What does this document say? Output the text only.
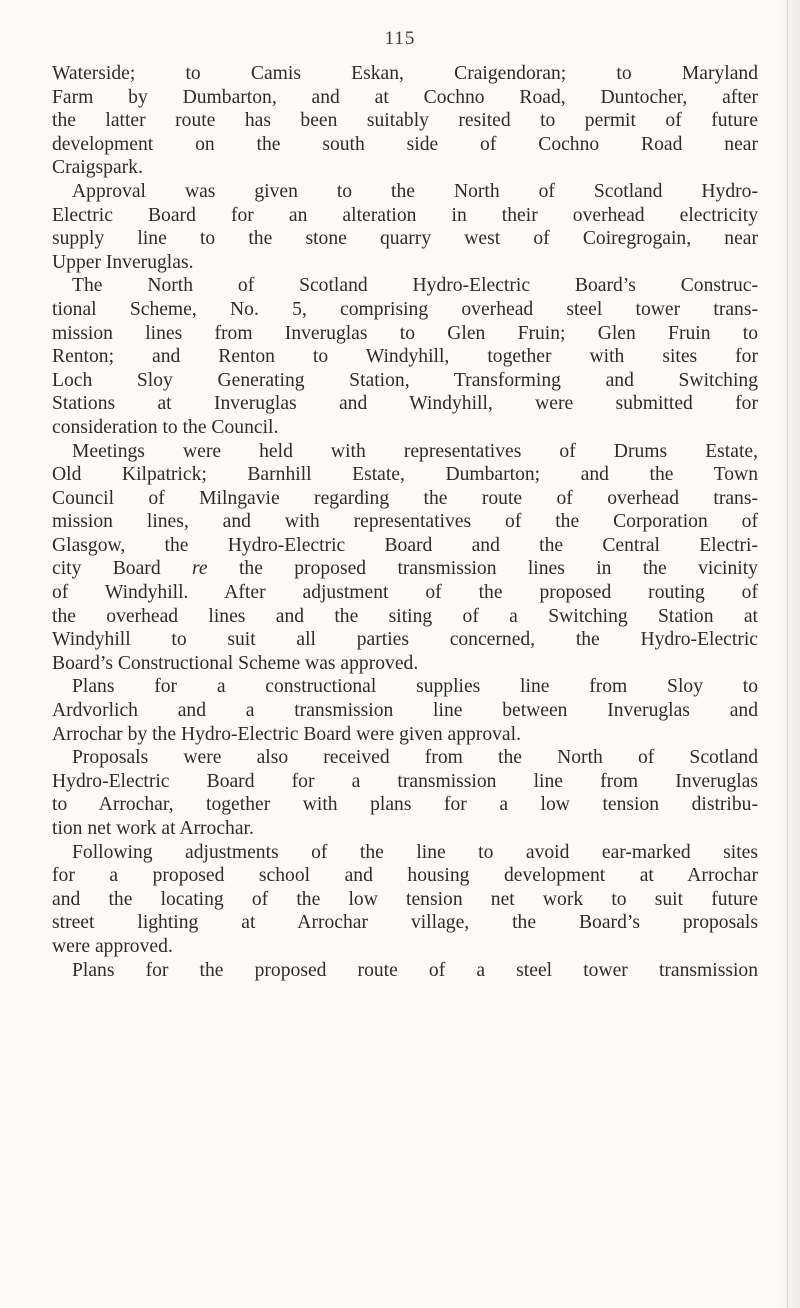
115
Waterside; to Camis Eskan, Craigendoran; to Maryland
Farm by Dumbarton, and at Cochno Road, Duntocher, after
the latter route has been suitably resited to permit of future
development on the south side of Cochno Road near
Craigspark.
Approval was given to the North of Scotland Hydro-
Electric Board for an alteration in their overhead electricity
supply line to the stone quarry west of Coiregrogain, near
Upper Inveruglas.
The North of Scotland Hydro-Electric Board’s Construc-
tional Scheme, No. 5, comprising overhead steel tower trans-
mission lines from Inveruglas to Glen Fruin; Glen Fruin to
Renton; and Renton to Windyhill, together with sites for
Loch Sloy Generating Station, Transforming and Switching
Stations at Inveruglas and Windyhill, were submitted for
consideration to the Council.
Meetings were held with representatives of Drums Estate,
Old Kilpatrick; Barnhill Estate, Dumbarton; and the Town
Council of Milngavie regarding the route of overhead trans-
mission lines, and with representatives of the Corporation of
Glasgow, the Hydro-Electric Board and the Central Electri-
city Board re the proposed transmission lines in the vicinity
of Windyhill. After adjustment of the proposed routing of
the overhead lines and the siting of a Switching Station at
Windyhill to suit all parties concerned, the Hydro-Electric
Board’s Constructional Scheme was approved.
Plans for a constructional supplies line from Sloy to
Ardvorlich and a transmission line between Inveruglas and
Arrochar by the Hydro-Electric Board were given approval.
Proposals were also received from the North of Scotland
Hydro-Electric Board for a transmission line from Inveruglas
to Arrochar, together with plans for a low tension distribu-
tion net work at Arrochar.
Following adjustments of the line to avoid ear-marked sites
for a proposed school and housing development at Arrochar
and the locating of the low tension net work to suit future
street lighting at Arrochar village, the Board’s proposals
were approved.
Plans for the proposed route of a steel tower transmission
